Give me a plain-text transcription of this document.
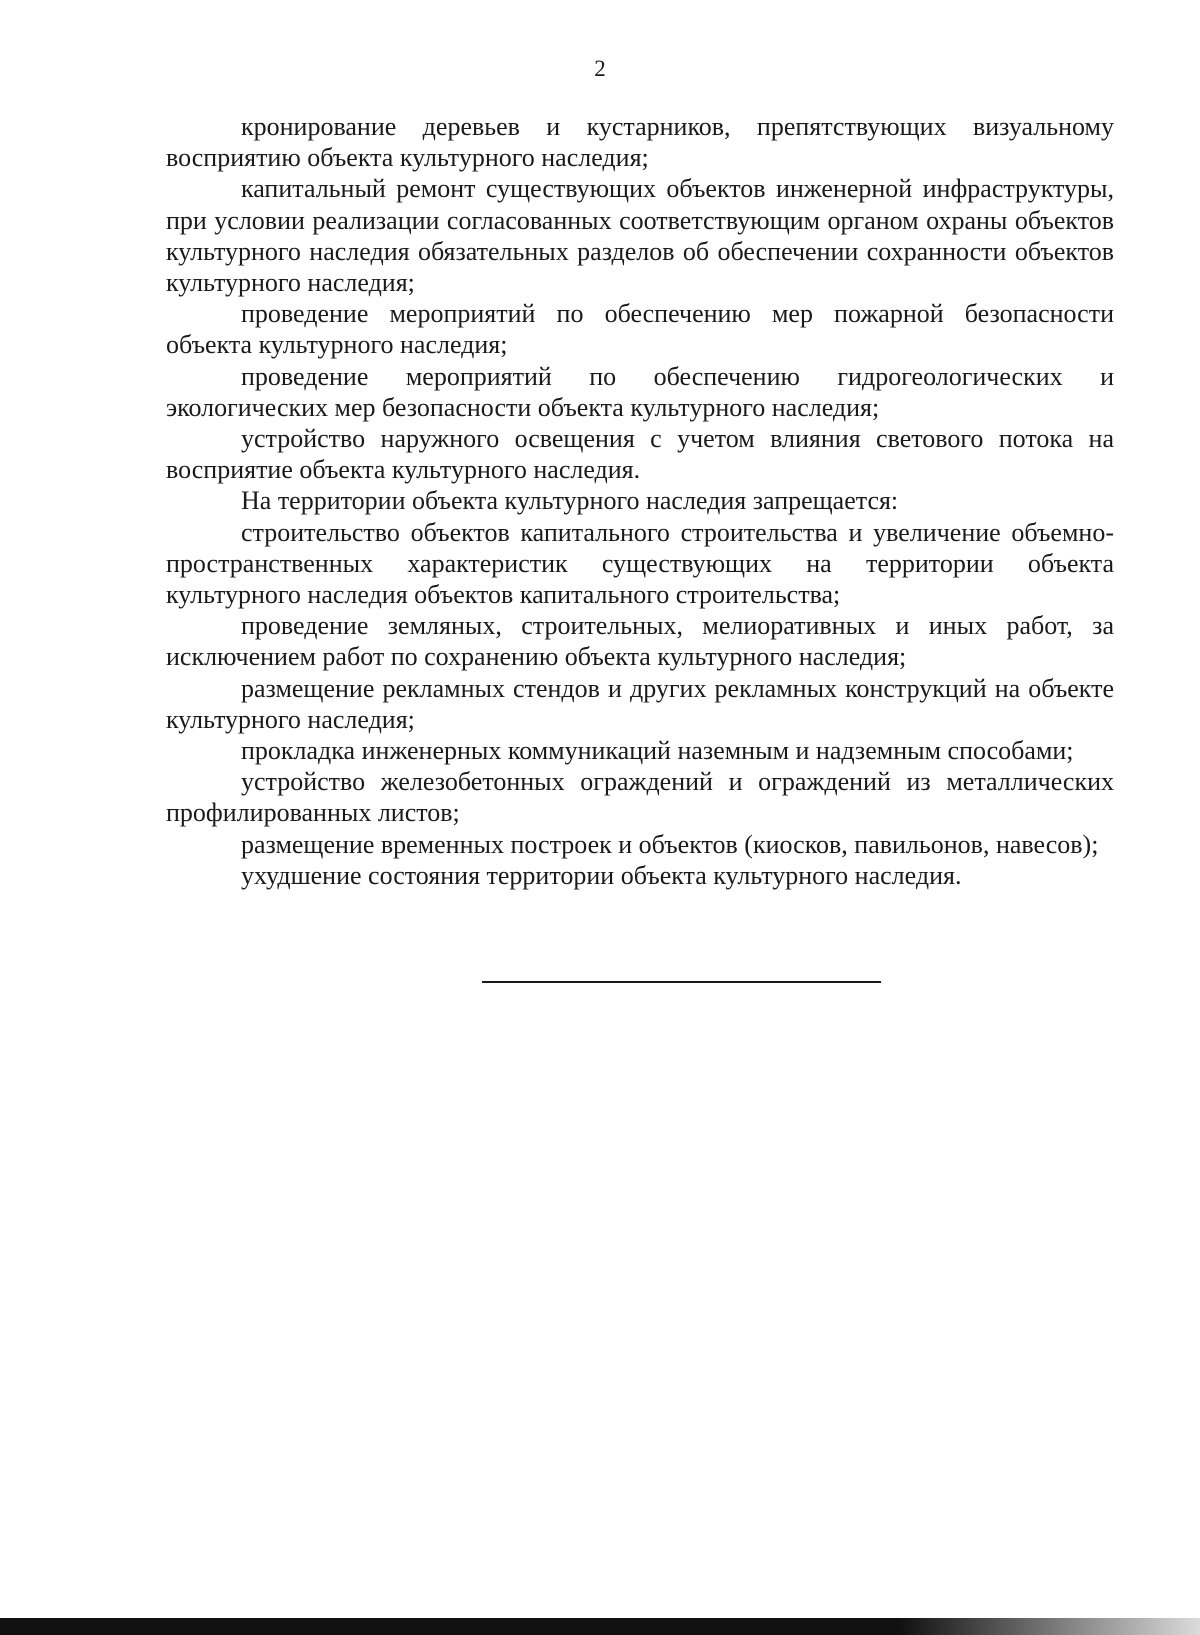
2

кронирование деревьев и кустарников, препятствующих визуальному восприятию объекта культурного наследия;

капитальный ремонт существующих объектов инженерной инфраструктуры, при условии реализации согласованных соответствующим органом охраны объектов культурного наследия обязательных разделов об обеспечении сохранности объектов культурного наследия;

проведение мероприятий по обеспечению мер пожарной безопасности объекта культурного наследия;

проведение мероприятий по обеспечению гидрогеологических и экологических мер безопасности объекта культурного наследия;

устройство наружного освещения с учетом влияния светового потока на восприятие объекта культурного наследия.

На территории объекта культурного наследия запрещается:

строительство объектов капитального строительства и увеличение объемно-пространственных характеристик существующих на территории объекта культурного наследия объектов капитального строительства;

проведение земляных, строительных, мелиоративных и иных работ, за исключением работ по сохранению объекта культурного наследия;

размещение рекламных стендов и других рекламных конструкций на объекте культурного наследия;

прокладка инженерных коммуникаций наземным и надземным способами;

устройство железобетонных ограждений и ограждений из металлических профилированных листов;

размещение временных построек и объектов (киосков, павильонов, навесов);

ухудшение состояния территории объекта культурного наследия.
